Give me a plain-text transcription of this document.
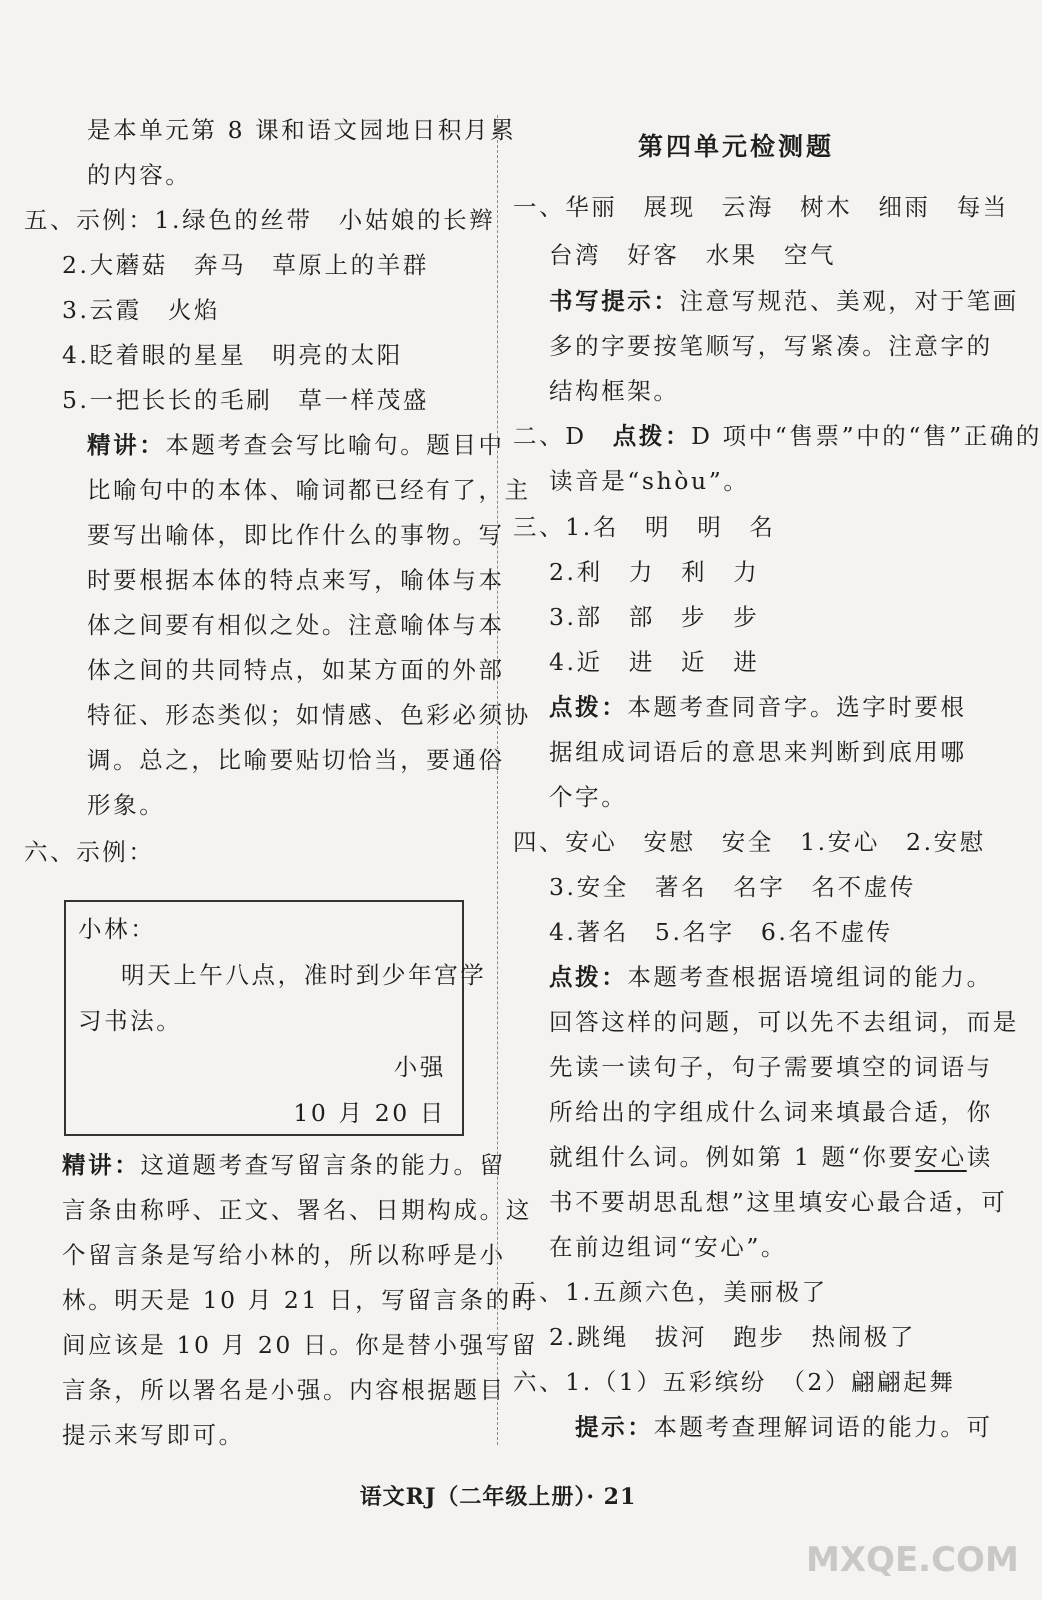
是本单元第 8 课和语文园地日积月累
的内容。
五、示例：1.绿色的丝带　小姑娘的长辫
2.大蘑菇　奔马　草原上的羊群
3.云霞　火焰
4.眨着眼的星星　明亮的太阳
5.一把长长的毛刷　草一样茂盛
精讲：本题考查会写比喻句。题目中
比喻句中的本体、喻词都已经有了，主
要写出喻体，即比作什么的事物。写
时要根据本体的特点来写，喻体与本
体之间要有相似之处。注意喻体与本
体之间的共同特点，如某方面的外部
特征、形态类似；如情感、色彩必须协
调。总之，比喻要贴切恰当，要通俗
形象。
六、示例：
小林：
明天上午八点，准时到少年宫学
习书法。
小强
10 月 20 日
精讲：这道题考查写留言条的能力。留
言条由称呼、正文、署名、日期构成。这
个留言条是写给小林的，所以称呼是小
林。明天是 10 月 21 日，写留言条的时
间应该是 10 月 20 日。你是替小强写留
言条，所以署名是小强。内容根据题目
提示来写即可。
第四单元检测题
一、华丽　展现　云海　树木　细雨　每当
台湾　好客　水果　空气
书写提示：注意写规范、美观，对于笔画
多的字要按笔顺写，写紧凑。注意字的
结构框架。
二、D　点拨：D 项中“售票”中的“售”正确的
读音是“shòu”。
三、1.名　明　明　名
2.利　力　利　力
3.部　部　步　步
4.近　进　近　进
点拨：本题考查同音字。选字时要根
据组成词语后的意思来判断到底用哪
个字。
四、安心　安慰　安全　1.安心　2.安慰
3.安全　著名　名字　名不虚传
4.著名　5.名字　6.名不虚传
点拨：本题考查根据语境组词的能力。
回答这样的问题，可以先不去组词，而是
先读一读句子，句子需要填空的词语与
所给出的字组成什么词来填最合适，你
就组什么词。例如第 1 题“你要安心读
书不要胡思乱想”这里填安心最合适，可
在前边组词“安心”。
五、1.五颜六色，美丽极了
2.跳绳　拔河　跑步　热闹极了
六、1.（1）五彩缤纷　（2）翩翩起舞
提示：本题考查理解词语的能力。可
语文RJ（二年级上册）· 21
MXQE.COM
